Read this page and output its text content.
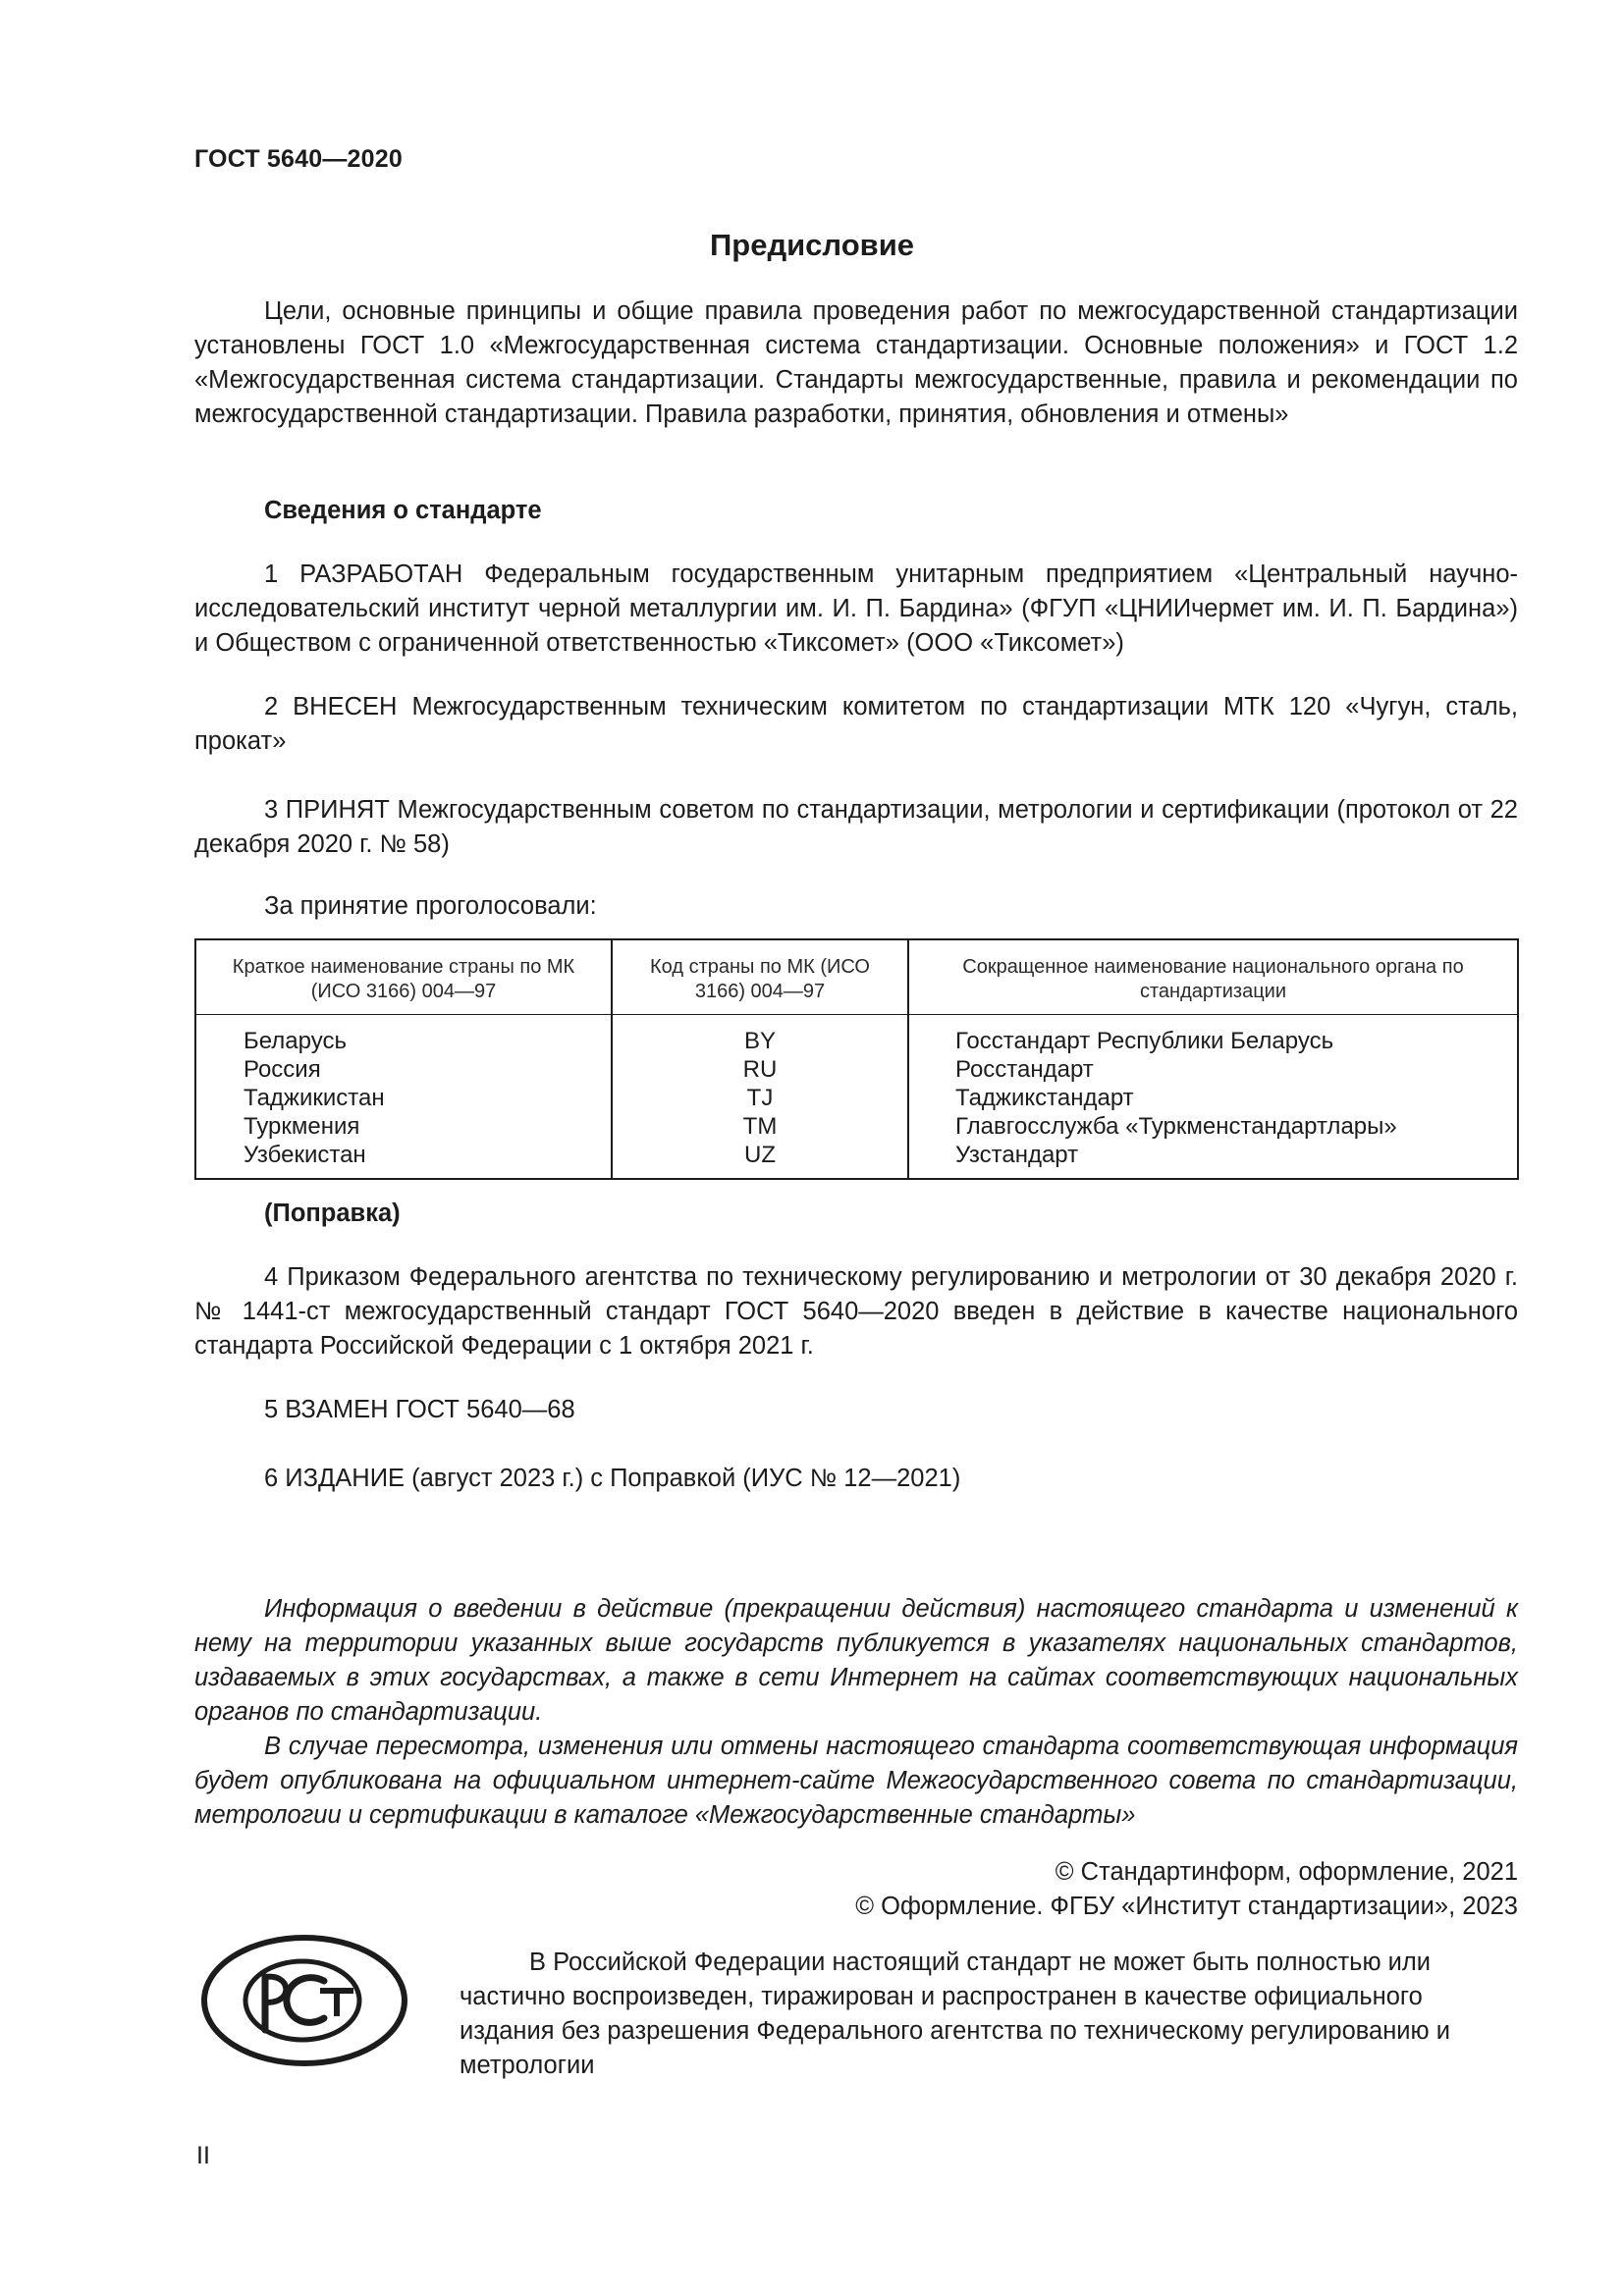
ГОСТ 5640—2020
Предисловие

Цели, основные принципы и общие правила проведения работ по межгосударственной стандартизации установлены ГОСТ 1.0 «Межгосударственная система стандартизации. Основные положения» и ГОСТ 1.2 «Межгосударственная система стандартизации. Стандарты межгосударственные, правила и рекомендации по межгосударственной стандартизации. Правила разработки, принятия, обновления и отмены»

Сведения о стандарте

1 РАЗРАБОТАН Федеральным государственным унитарным предприятием «Центральный научно-исследовательский институт черной металлургии им. И. П. Бардина» (ФГУП «ЦНИИчермет им. И. П. Бардина») и Обществом с ограниченной ответственностью «Тиксомет» (ООО «Тиксомет»)

2 ВНЕСЕН Межгосударственным техническим комитетом по стандартизации МТК 120 «Чугун, сталь, прокат»

3 ПРИНЯТ Межгосударственным советом по стандартизации, метрологии и сертификации (протокол от 22 декабря 2020 г. № 58)

За принятие проголосовали:
Краткое наименование страны по МК (ИСО 3166) 004—97	Код страны по МК (ИСО 3166) 004—97	Сокращенное наименование национального органа по стандартизации
Беларусь	BY	Госстандарт Республики Беларусь
Россия	RU	Росстандарт
Таджикистан	TJ	Таджикстандарт
Туркмения	TM	Главгосслужба «Туркменстандартлары»
Узбекистан	UZ	Узстандарт
(Поправка)

4 Приказом Федерального агентства по техническому регулированию и метрологии от 30 декабря 2020 г. № 1441-ст межгосударственный стандарт ГОСТ 5640—2020 введен в действие в качестве национального стандарта Российской Федерации с 1 октября 2021 г.

5 ВЗАМЕН ГОСТ 5640—68
6 ИЗДАНИЕ (август 2023 г.) с Поправкой (ИУС № 12—2021)

Информация о введении в действие (прекращении действия) настоящего стандарта и изменений к нему на территории указанных выше государств публикуется в указателях национальных стандартов, издаваемых в этих государствах, а также в сети Интернет на сайтах соответствующих национальных органов по стандартизации.

В случае пересмотра, изменения или отмены настоящего стандарта соответствующая информация будет опубликована на официальном интернет-сайте Межгосударственного совета по стандартизации, метрологии и сертификации в каталоге «Межгосударственные стандарты»

© Стандартинформ, оформление, 2021
© Оформление. ФГБУ «Институт стандартизации», 2023

В Российской Федерации настоящий стандарт не может быть полностью или частично воспроизведен, тиражирован и распространен в качестве официального издания без разрешения Федерального агентства по техническому регулированию и метрологии

II
